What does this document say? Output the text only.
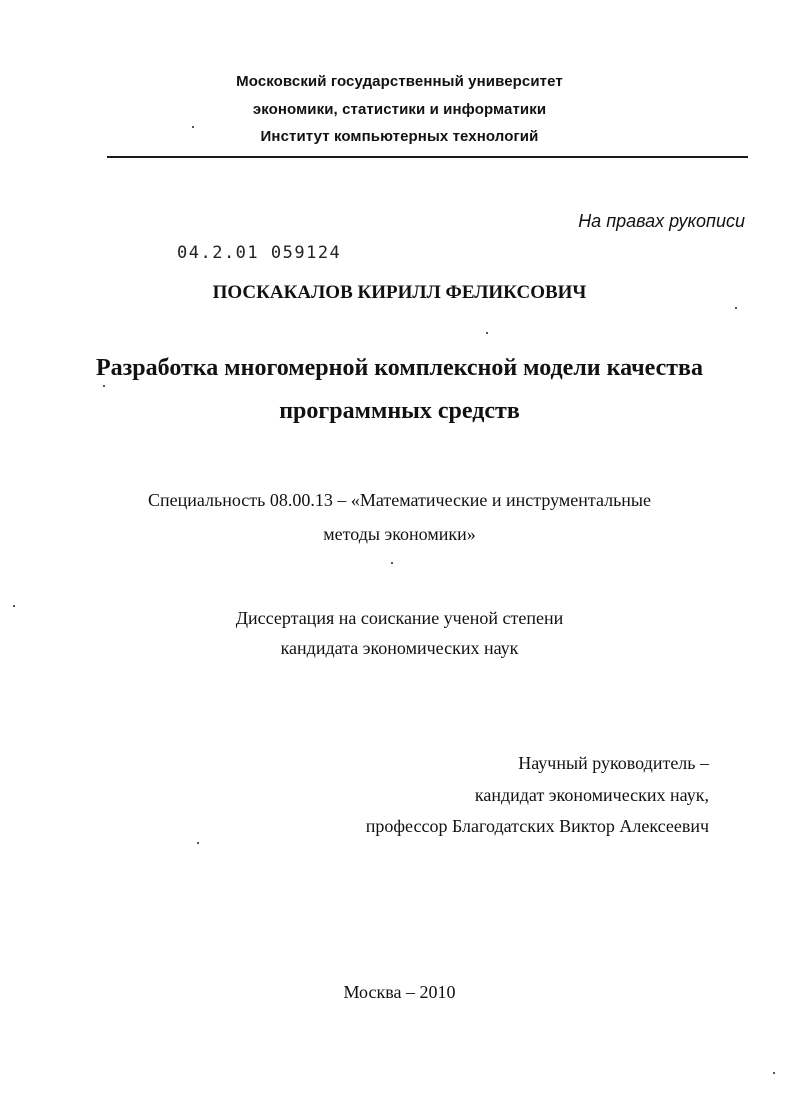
Московский государственный университет
экономики, статистики и информатики
Институт компьютерных технологий
На правах рукописи
04.2.01 059124
ПОСКАКАЛОВ КИРИЛЛ ФЕЛИКСОВИЧ
Разработка многомерной комплексной модели качества
программных средств
Специальность 08.00.13 – «Математические и инструментальные
методы экономики»
Диссертация на соискание ученой степени
кандидата экономических наук
Научный руководитель –
кандидат экономических наук,
профессор Благодатских Виктор Алексеевич
Москва – 2010
